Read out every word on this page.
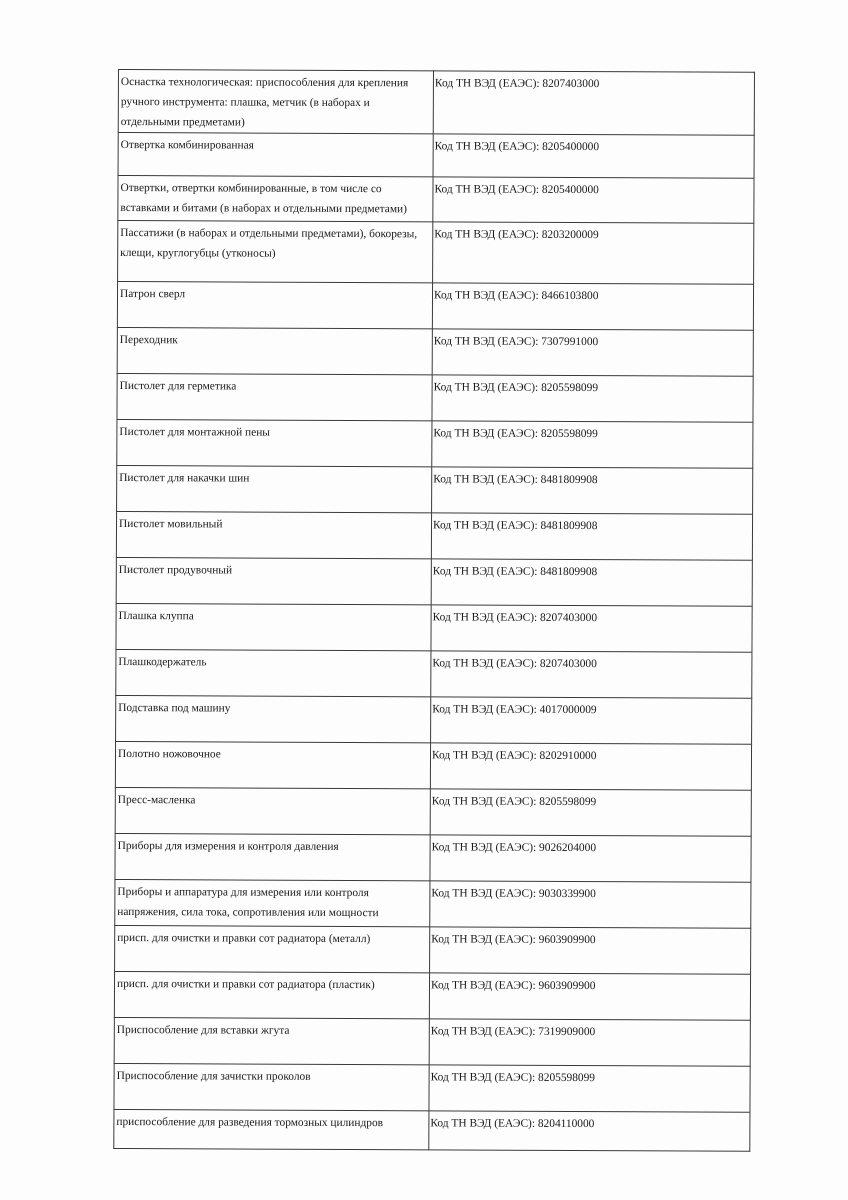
Оснастка технологическая: приспособления для крепления ручного инструмента: плашка, метчик (в наборах и отдельными предметами)	Код ТН ВЭД (ЕАЭС): 8207403000
Отвертка комбинированная	Код ТН ВЭД (ЕАЭС): 8205400000
Отвертки, отвертки комбинированные, в том числе со вставками и битами (в наборах и отдельными предметами)	Код ТН ВЭД (ЕАЭС): 8205400000
Пассатижи (в наборах и отдельными предметами), бокорезы, клещи, круглогубцы (утконосы)	Код ТН ВЭД (ЕАЭС): 8203200009
Патрон сверл	Код ТН ВЭД (ЕАЭС): 8466103800
Переходник	Код ТН ВЭД (ЕАЭС): 7307991000
Пистолет для герметика	Код ТН ВЭД (ЕАЭС): 8205598099
Пистолет для монтажной пены	Код ТН ВЭД (ЕАЭС): 8205598099
Пистолет для накачки шин	Код ТН ВЭД (ЕАЭС): 8481809908
Пистолет мовильный	Код ТН ВЭД (ЕАЭС): 8481809908
Пистолет продувочный	Код ТН ВЭД (ЕАЭС): 8481809908
Плашка клуппа	Код ТН ВЭД (ЕАЭС): 8207403000
Плашкодержатель	Код ТН ВЭД (ЕАЭС): 8207403000
Подставка под машину	Код ТН ВЭД (ЕАЭС): 4017000009
Полотно ножовочное	Код ТН ВЭД (ЕАЭС): 8202910000
Пресс-масленка	Код ТН ВЭД (ЕАЭС): 8205598099
Приборы для измерения и контроля давления	Код ТН ВЭД (ЕАЭС): 9026204000
Приборы и аппаратура для измерения или контроля напряжения, сила тока, сопротивления или мощности	Код ТН ВЭД (ЕАЭС): 9030339900
присп. для очистки и правки сот радиатора (металл)	Код ТН ВЭД (ЕАЭС): 9603909900
присп. для очистки и правки сот радиатора (пластик)	Код ТН ВЭД (ЕАЭС): 9603909900
Приспособление для вставки жгута	Код ТН ВЭД (ЕАЭС): 7319909000
Приспособление для зачистки проколов	Код ТН ВЭД (ЕАЭС): 8205598099
приспособление для разведения тормозных цилиндров	Код ТН ВЭД (ЕАЭС): 8204110000
